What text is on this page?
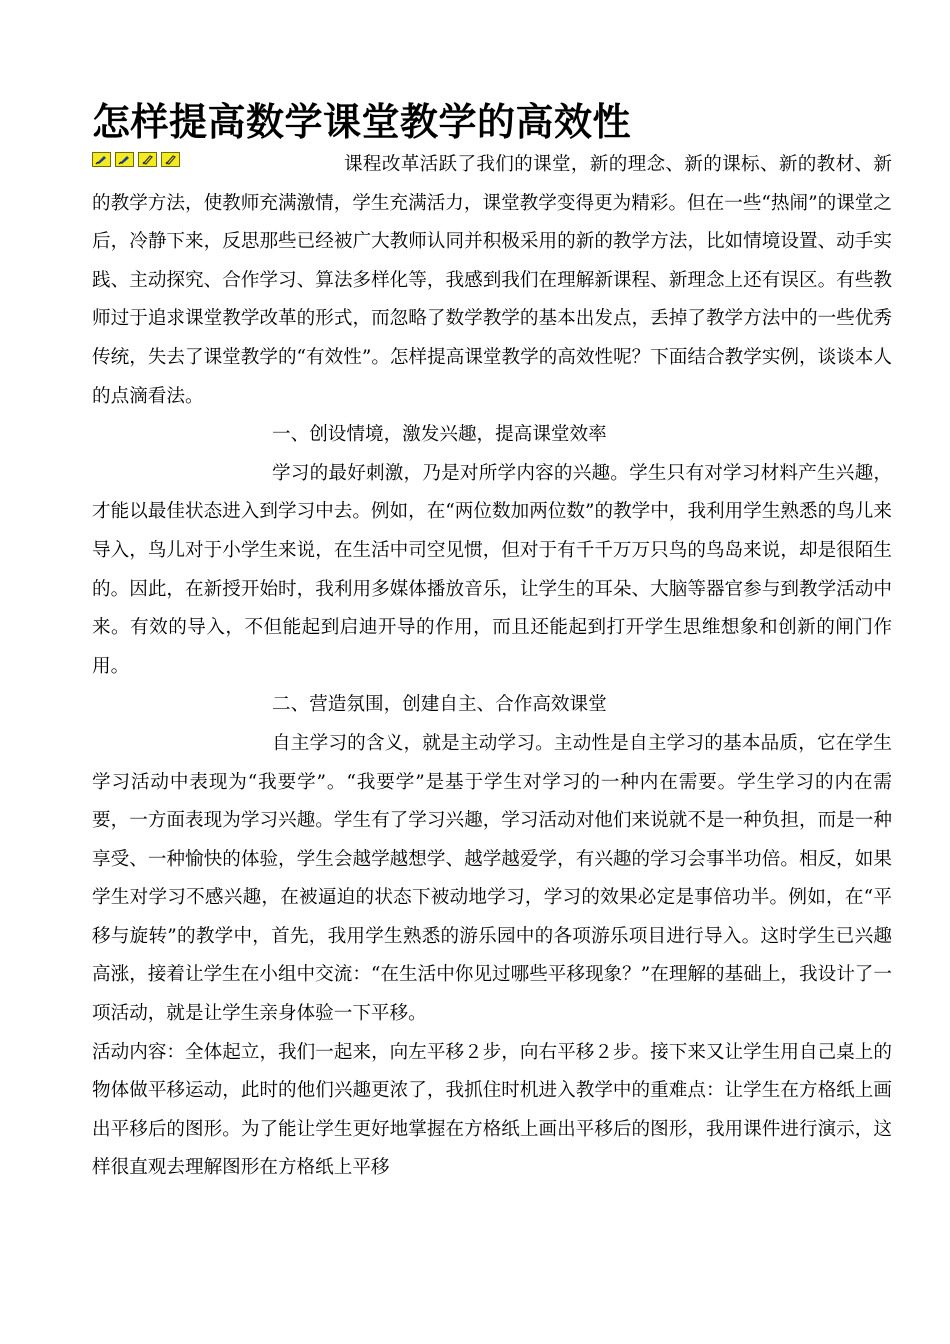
怎样提高数学课堂教学的高效性

课程改革活跃了我们的课堂，新的理念、新的课标、新的教材、新的教学方法，使教师充满激情，学生充满活力，课堂教学变得更为精彩。但在一些“热闹”的课堂之后，冷静下来，反思那些已经被广大教师认同并积极采用的新的教学方法，比如情境设置、动手实践、主动探究、合作学习、算法多样化等，我感到我们在理解新课程、新理念上还有误区。有些教师过于追求课堂教学改革的形式，而忽略了数学教学的基本出发点，丢掉了教学方法中的一些优秀传统，失去了课堂教学的“有效性”。怎样提高课堂教学的高效性呢？下面结合教学实例，谈谈本人的点滴看法。

一、创设情境，激发兴趣，提高课堂效率

学习的最好刺激，乃是对所学内容的兴趣。学生只有对学习材料产生兴趣，才能以最佳状态进入到学习中去。例如，在“两位数加两位数”的教学中，我利用学生熟悉的鸟儿来导入，鸟儿对于小学生来说，在生活中司空见惯，但对于有千千万万只鸟的鸟岛来说，却是很陌生的。因此，在新授开始时，我利用多媒体播放音乐，让学生的耳朵、大脑等器官参与到教学活动中来。有效的导入，不但能起到启迪开导的作用，而且还能起到打开学生思维想象和创新的闸门作用。

二、营造氛围，创建自主、合作高效课堂

自主学习的含义，就是主动学习。主动性是自主学习的基本品质，它在学生学习活动中表现为“我要学”。“我要学”是基于学生对学习的一种内在需要。学生学习的内在需要，一方面表现为学习兴趣。学生有了学习兴趣，学习活动对他们来说就不是一种负担，而是一种享受、一种愉快的体验，学生会越学越想学、越学越爱学，有兴趣的学习会事半功倍。相反，如果学生对学习不感兴趣，在被逼迫的状态下被动地学习，学习的效果必定是事倍功半。例如，在“平移与旋转”的教学中，首先，我用学生熟悉的游乐园中的各项游乐项目进行导入。这时学生已兴趣高涨，接着让学生在小组中交流：“在生活中你见过哪些平移现象？”在理解的基础上，我设计了一项活动，就是让学生亲身体验一下平移。

活动内容：全体起立，我们一起来，向左平移２步，向右平移２步。接下来又让学生用自己桌上的物体做平移运动，此时的他们兴趣更浓了，我抓住时机进入教学中的重难点：让学生在方格纸上画出平移后的图形。为了能让学生更好地掌握在方格纸上画出平移后的图形，我用课件进行演示，这样很直观去理解图形在方格纸上平移
